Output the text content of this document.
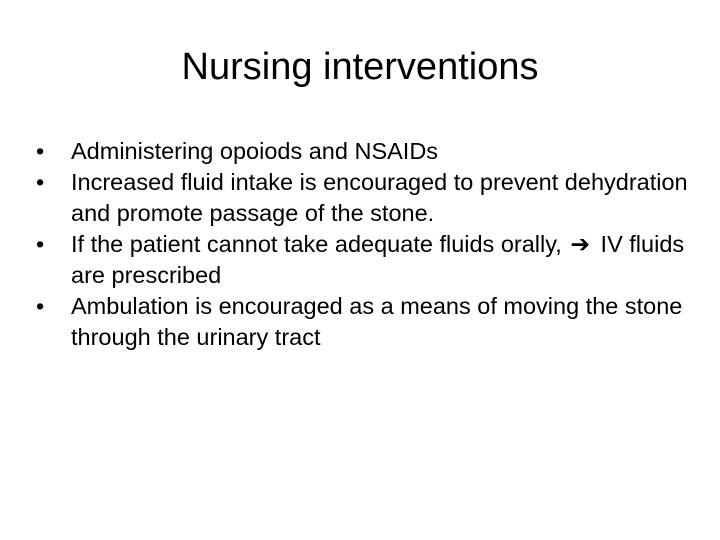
Nursing interventions
•	Administering opoiods and NSAIDs
•	Increased fluid intake is encouraged to prevent dehydration and promote passage of the stone.
•	If the patient cannot take adequate fluids orally, ➔ IV fluids are prescribed
•	Ambulation is encouraged as a means of moving the stone through the urinary tract
